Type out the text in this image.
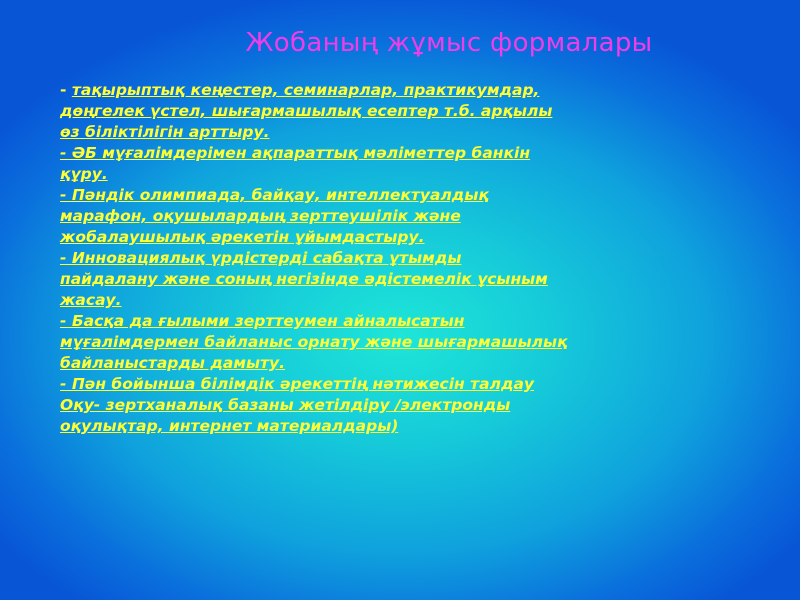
Жобаның жұмыс формалары
- тақырыптық кеңестер, семинарлар, практикумдар,
дөңгелек үстел, шығармашылық есептер т.б. арқылы
өз біліктілігін арттыру.
- ӘБ мұғалімдерімен ақпараттық мәліметтер банкін
құру.
- Пәндік олимпиада, байқау, интеллектуалдық
марафон, оқушылардың зерттеушілік және
жобалаушылық әрекетін ұйымдастыру.
- Инновациялық үрдістерді сабақта ұтымды
пайдалану және соның негізінде әдістемелік ұсыным
жасау.
- Басқа да ғылыми зерттеумен айналысатын
мұғалімдермен байланыс орнату және шығармашылық
байланыстарды дамыту.
- Пән бойынша білімдік әрекеттің нәтижесін талдау
Оқу- зертханалық базаны жетілдіру /электронды
оқулықтар, интернет материалдары)
